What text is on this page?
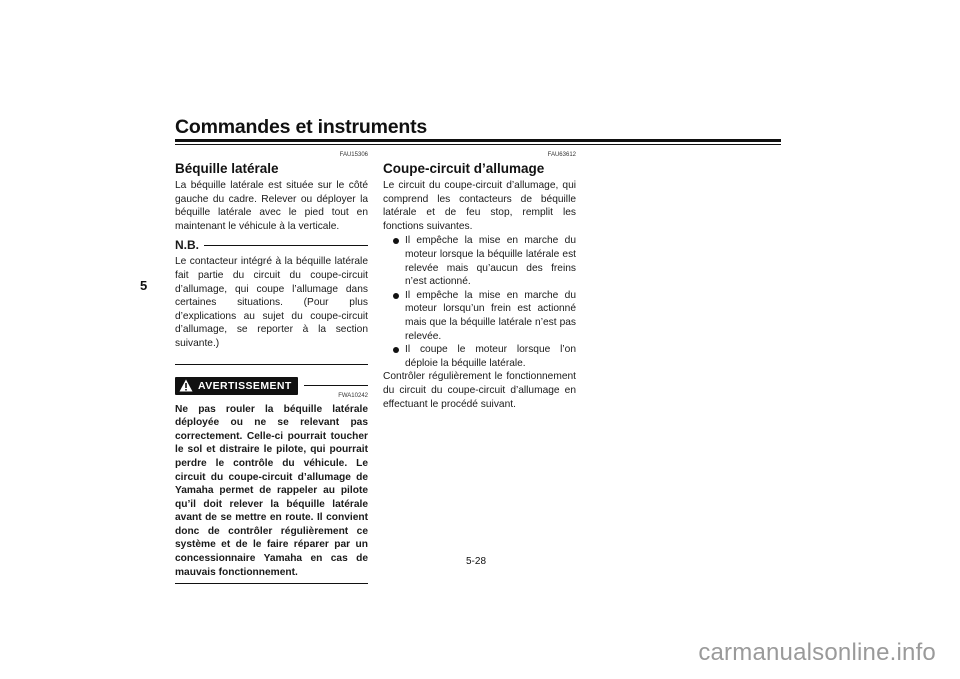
Commandes et instruments
5
FAU15306
Béquille latérale

La béquille latérale est située sur le côté gauche du cadre. Relever ou déployer la béquille latérale avec le pied tout en maintenant le véhicule à la verticale.

N.B.

Le contacteur intégré à la béquille latérale fait partie du circuit du coupe-circuit d’allumage, qui coupe l’allumage dans certaines situations. (Pour plus d’explications au sujet du coupe-circuit d’allumage, se reporter à la section suivante.)

AVERTISSEMENT
FWA10242

Ne pas rouler la béquille latérale déployée ou ne se relevant pas correctement. Celle-ci pourrait toucher le sol et distraire le pilote, qui pourrait perdre le contrôle du véhicule. Le circuit du coupe-circuit d’allumage de Yamaha permet de rappeler au pilote qu’il doit relever la béquille latérale avant de se mettre en route. Il convient donc de contrôler régulièrement ce système et de le faire réparer par un concessionnaire Yamaha en cas de mauvais fonctionnement.

FAU63612
Coupe-circuit d’allumage

Le circuit du coupe-circuit d’allumage, qui comprend les contacteurs de béquille latérale et de feu stop, remplit les fonctions suivantes.

Il empêche la mise en marche du moteur lorsque la béquille latérale est relevée mais qu’aucun des freins n’est actionné.
Il empêche la mise en marche du moteur lorsqu’un frein est actionné mais que la béquille latérale n’est pas relevée.
Il coupe le moteur lorsque l’on déploie la béquille latérale.

Contrôler régulièrement le fonctionnement du circuit du coupe-circuit d’allumage en effectuant le procédé suivant.

5-28
carmanualsonline.info
